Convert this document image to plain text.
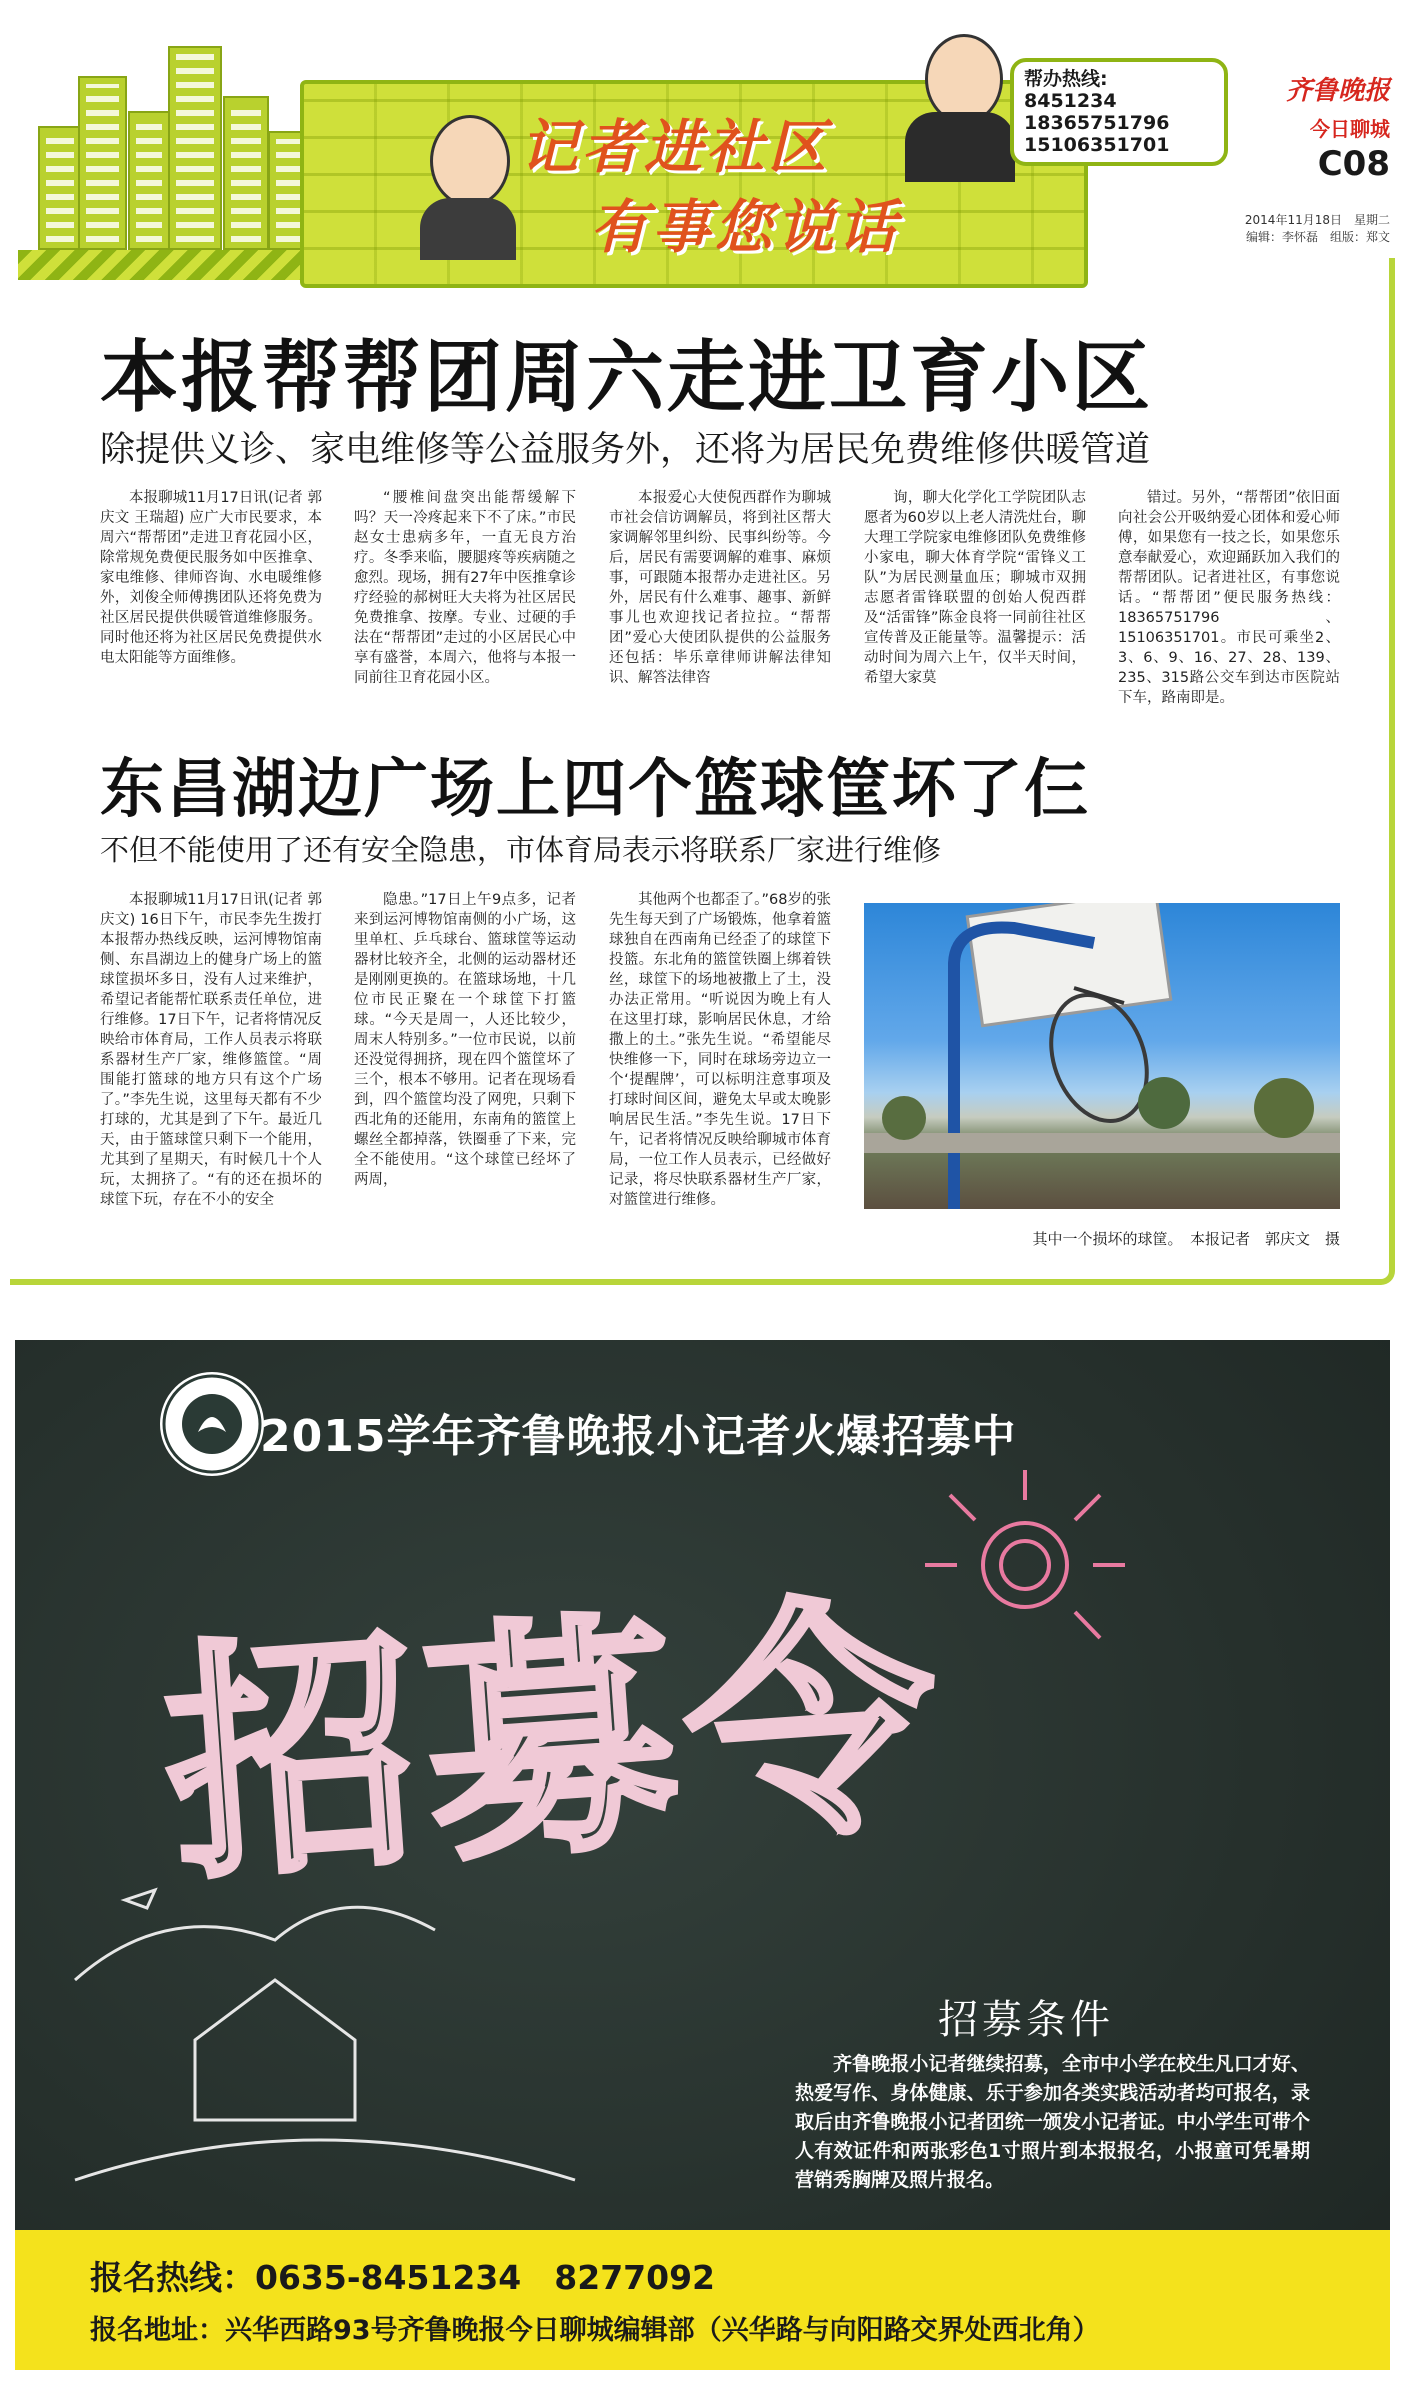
记者进社区
有事您说话
帮办热线:
8451234
18365751796
15106351701
齐鲁晚报
今日聊城
C08
2014年11月18日　星期二
编辑：李怀磊　组版：郑文
本报帮帮团周六走进卫育小区
除提供义诊、家电维修等公益服务外，还将为居民免费维修供暖管道
本报聊城11月17日讯(记者 郭庆文 王瑞超) 应广大市民要求，本周六“帮帮团”走进卫育花园小区，除常规免费便民服务如中医推拿、家电维修、律师咨询、水电暖维修外，刘俊全师傅携团队还将免费为社区居民提供供暖管道维修服务。同时他还将为社区居民免费提供水电太阳能等方面维修。
“腰椎间盘突出能帮缓解下吗？天一冷疼起来下不了床。”市民赵女士患病多年，一直无良方治疗。冬季来临，腰腿疼等疾病随之愈烈。现场，拥有27年中医推拿诊疗经验的郝树旺大夫将为社区居民免费推拿、按摩。专业、过硬的手法在“帮帮团”走过的小区居民心中享有盛誉，本周六，他将与本报一同前往卫育花园小区。
本报爱心大使倪西群作为聊城市社会信访调解员，将到社区帮大家调解邻里纠纷、民事纠纷等。今后，居民有需要调解的难事、麻烦事，可跟随本报帮办走进社区。另外，居民有什么难事、趣事、新鲜事儿也欢迎找记者拉拉。“帮帮团”爱心大使团队提供的公益服务还包括：毕乐章律师讲解法律知识、解答法律咨
询，聊大化学化工学院团队志愿者为60岁以上老人清洗灶台，聊大理工学院家电维修团队免费维修小家电，聊大体育学院“雷锋义工队”为居民测量血压；聊城市双拥志愿者雷锋联盟的创始人倪西群及“活雷锋”陈金良将一同前往社区宣传普及正能量等。温馨提示：活动时间为周六上午，仅半天时间，希望大家莫
错过。另外，“帮帮团”依旧面向社会公开吸纳爱心团体和爱心师傅，如果您有一技之长，如果您乐意奉献爱心，欢迎踊跃加入我们的帮帮团队。记者进社区，有事您说话。“帮帮团”便民服务热线：18365751796、15106351701。市民可乘坐2、3、6、9、16、27、28、139、235、315路公交车到达市医院站下车，路南即是。
东昌湖边广场上四个篮球筐坏了仨
不但不能使用了还有安全隐患，市体育局表示将联系厂家进行维修
本报聊城11月17日讯(记者 郭庆文) 16日下午，市民李先生拨打本报帮办热线反映，运河博物馆南侧、东昌湖边上的健身广场上的篮球筐损坏多日，没有人过来维护，希望记者能帮忙联系责任单位，进行维修。17日下午，记者将情况反映给市体育局，工作人员表示将联系器材生产厂家，维修篮筐。“周围能打篮球的地方只有这个广场了。”李先生说，这里每天都有不少打球的，尤其是到了下午。最近几天，由于篮球筐只剩下一个能用，尤其到了星期天，有时候几十个人玩，太拥挤了。“有的还在损坏的球筐下玩，存在不小的安全
隐患。”17日上午9点多，记者来到运河博物馆南侧的小广场，这里单杠、乒乓球台、篮球筐等运动器材比较齐全，北侧的运动器材还是刚刚更换的。在篮球场地，十几位市民正聚在一个球筐下打篮球。“今天是周一，人还比较少，周末人特别多。”一位市民说，以前还没觉得拥挤，现在四个篮筐坏了三个，根本不够用。记者在现场看到，四个篮筐均没了网兜，只剩下西北角的还能用，东南角的篮筐上螺丝全都掉落，铁圈垂了下来，完全不能使用。“这个球筐已经坏了两周，
其他两个也都歪了。”68岁的张先生每天到了广场锻炼，他拿着篮球独自在西南角已经歪了的球筐下投篮。东北角的篮筐铁圈上绑着铁丝，球筐下的场地被撒上了土，没办法正常用。“听说因为晚上有人在这里打球，影响居民休息，才给撒上的土。”张先生说。“希望能尽快维修一下，同时在球场旁边立一个‘提醒牌’，可以标明注意事项及打球时间区间，避免太早或太晚影响居民生活。”李先生说。17日下午，记者将情况反映给聊城市体育局，一位工作人员表示，已经做好记录，将尽快联系器材生产厂家，对篮筐进行维修。
其中一个损坏的球筐。　本报记者　郭庆文　摄
招募令
2015学年齐鲁晚报小记者火爆招募中
招募条件
齐鲁晚报小记者继续招募，全市中小学在校生凡口才好、热爱写作、身体健康、乐于参加各类实践活动者均可报名，录取后由齐鲁晚报小记者团统一颁发小记者证。中小学生可带个人有效证件和两张彩色1寸照片到本报报名，小报童可凭暑期营销秀胸牌及照片报名。
报名热线：0635-8451234　8277092
报名地址：兴华西路93号齐鲁晚报今日聊城编辑部（兴华路与向阳路交界处西北角）
